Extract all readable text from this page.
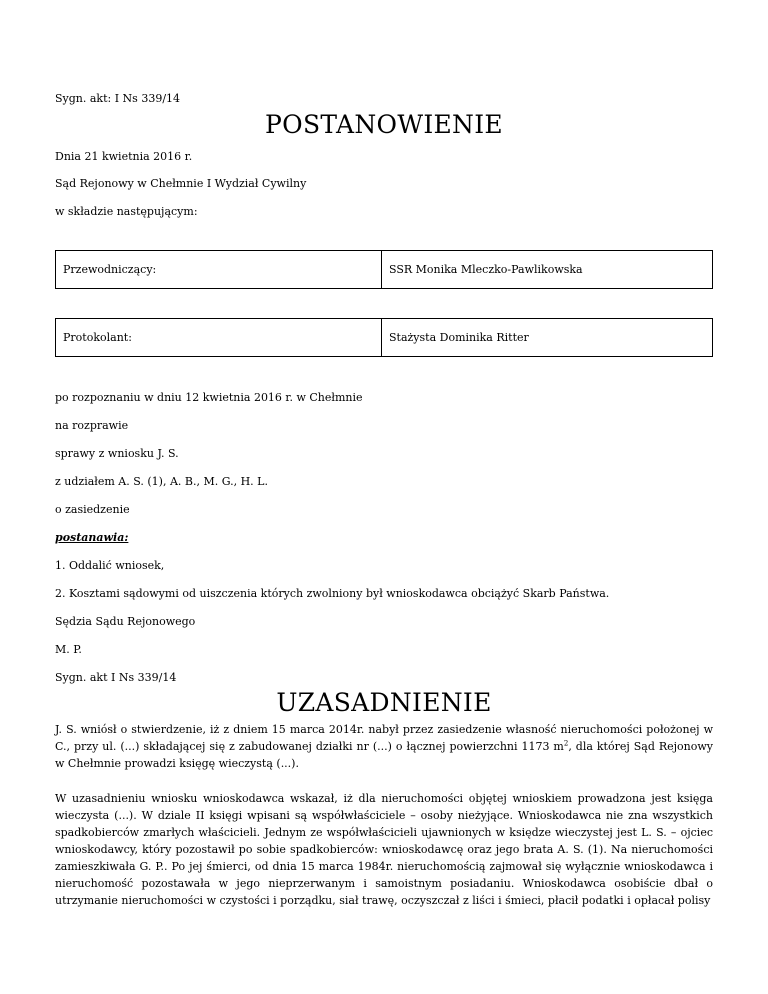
Sygn. akt: I Ns 339/14
POSTANOWIENIE
Dnia 21 kwietnia 2016 r.
Sąd Rejonowy w Chełmnie I Wydział Cywilny
w składzie następującym:
Przewodniczący:	SSR Monika Mleczko-Pawlikowska
Protokolant:	Stażysta Dominika Ritter
po rozpoznaniu w dniu 12 kwietnia 2016 r. w Chełmnie
na rozprawie
sprawy z wniosku J. S.
z udziałem A. S. (1), A. B., M. G., H. L.
o zasiedzenie
postanawia:
1. Oddalić wniosek,
2. Kosztami sądowymi od uiszczenia których zwolniony był wnioskodawca obciążyć Skarb Państwa.
Sędzia Sądu Rejonowego
M. P.
Sygn. akt I Ns 339/14
UZASADNIENIE
J. S. wniósł o stwierdzenie, iż z dniem 15 marca 2014r. nabył przez zasiedzenie własność nieruchomości położonej w C., przy ul. (...) składającej się z zabudowanej działki nr (...) o łącznej powierzchni 1173 $m^2$, dla której Sąd Rejonowy w Chełmnie prowadzi księgę wieczystą (...).
W uzasadnieniu wniosku wnioskodawca wskazał, iż dla nieruchomości objętej wnioskiem prowadzona jest księga wieczysta (...). W dziale II księgi wpisani są współwłaściciele – osoby nieżyjące. Wnioskodawca nie zna wszystkich spadkobierców zmarłych właścicieli. Jednym ze współwłaścicieli ujawnionych w księdze wieczystej jest L. S. – ojciec wnioskodawcy, który pozostawił po sobie spadkobierców: wnioskodawcę oraz jego brata A. S. (1). Na nieruchomości zamieszkiwała G. P.. Po jej śmierci, od dnia 15 marca 1984r. nieruchomością zajmował się wyłącznie wnioskodawca i nieruchomość pozostawała w jego nieprzerwanym i samoistnym posiadaniu. Wnioskodawca osobiście dbał o utrzymanie nieruchomości w czystości i porządku, siał trawę, oczyszczał z liści i śmieci, płacił podatki i opłacał polisy
